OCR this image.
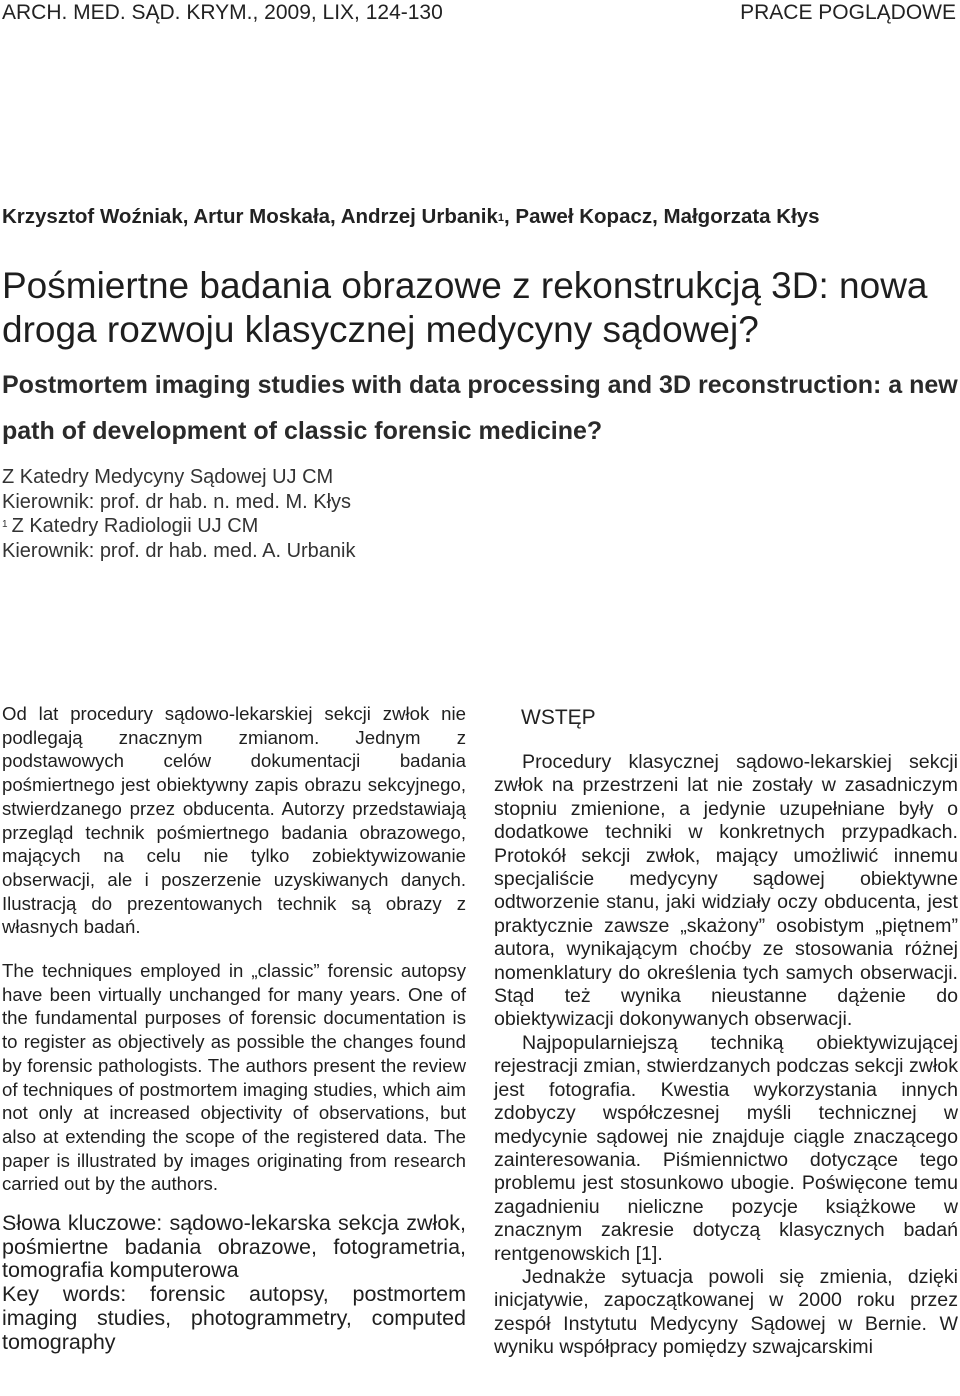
ARCH. MED. SĄD. KRYM., 2009, LIX, 124-130	PRACE POGLĄDOWE
Krzysztof Woźniak, Artur Moskała, Andrzej Urbanik$^1$, Paweł Kopacz, Małgorzata Kłys
Pośmiertne badania obrazowe z rekonstrukcją 3D: nowa droga rozwoju klasycznej medycyny sądowej?
Postmortem imaging studies with data processing and 3D reconstruction: a new path of development of classic forensic medicine?
Z Katedry Medycyny Sądowej UJ CM
Kierownik: prof. dr hab. n. med. M. Kłys
$^1$ Z Katedry Radiologii UJ CM
Kierownik: prof. dr hab. med. A. Urbanik

Od lat procedury sądowo-lekarskiej sekcji zwłok nie podlegają znacznym zmianom. Jednym z podstawowych celów dokumentacji badania pośmiertnego jest obiektywny zapis obrazu sekcyjnego, stwierdzanego przez obducenta. Autorzy przedstawiają przegląd technik pośmiertnego badania obrazowego, mających na celu nie tylko zobiektywizowanie obserwacji, ale i poszerzenie uzyskiwanych danych. Ilustracją do prezentowanych technik są obrazy z własnych badań.

The techniques employed in „classic” forensic autopsy have been virtually unchanged for many years. One of the fundamental purposes of forensic documentation is to register as objectively as possible the changes found by forensic pathologists. The authors present the review of techniques of postmortem imaging studies, which aim not only at increased objectivity of observations, but also at extending the scope of the registered data. The paper is illustrated by images originating from research carried out by the authors.

Słowa kluczowe: sądowo-lekarska sekcja zwłok, pośmiertne badania obrazowe, fotogrametria, tomografia komputerowa

Key words: forensic autopsy, postmortem imaging studies, photogrammetry, computed tomography

WSTĘP

Procedury klasycznej sądowo-lekarskiej sekcji zwłok na przestrzeni lat nie zostały w zasadniczym stopniu zmienione, a jedynie uzupełniane były o dodatkowe techniki w konkretnych przypadkach. Protokół sekcji zwłok, mający umożliwić innemu specjaliście medycyny sądowej obiektywne odtworzenie stanu, jaki widziały oczy obducenta, jest praktycznie zawsze „skażony” osobistym „piętnem” autora, wynikającym choćby ze stosowania różnej nomenklatury do określenia tych samych obserwacji. Stąd też wynika nieustanne dążenie do obiektywizacji dokonywanych obserwacji.

Najpopularniejszą techniką obiektywizującej rejestracji zmian, stwierdzanych podczas sekcji zwłok jest fotografia. Kwestia wykorzystania innych zdobyczy współczesnej myśli technicznej w medycynie sądowej nie znajduje ciągle znaczącego zainteresowania. Piśmiennictwo dotyczące tego problemu jest stosunkowo ubogie. Poświęcone temu zagadnieniu nieliczne pozycje książkowe w znacznym zakresie dotyczą klasycznych badań rentgenowskich [1].

Jednakże sytuacja powoli się zmienia, dzięki inicjatywie, zapoczątkowanej w 2000 roku przez zespół Instytutu Medycyny Sądowej w Bernie. W wyniku współpracy pomiędzy szwajcarskimi
